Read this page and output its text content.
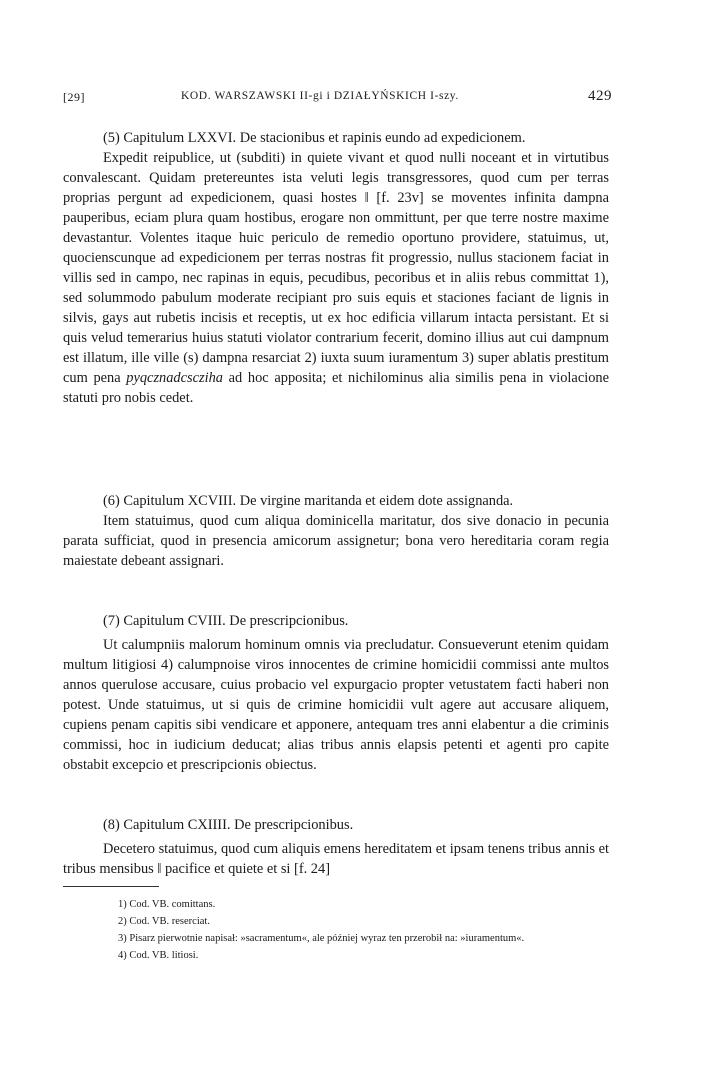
[29]	KOD. WARSZAWSKI II-gi i DZIAŁYŃSKICH I-szy.	429

(5) Capitulum LXXVI. De stacionibus et rapinis eundo ad expedicionem.

Expedit reipublice, ut (subditi) in quiete vivant et quod nulli noceant et in virtutibus convalescant. Quidam pretereuntes ista veluti legis transgressores, quod cum per terras proprias pergunt ad expedicionem, quasi hostes ‖ [f. 23v] se moventes infinita dampna pauperibus, eciam plura quam hostibus, erogare non ommittunt, per que terre nostre maxime devastantur. Volentes itaque huic periculo de remedio oportuno providere, statuimus, ut, quocienscunque ad expedicionem per terras nostras fit progressio, nullus stacionem faciat in villis sed in campo, nec rapinas in equis, pecudibus, pecoribus et in aliis rebus committat 1), sed solummodo pabulum moderate recipiant pro suis equis et staciones faciant de lignis in silvis, gays aut rubetis incisis et receptis, ut ex hoc edificia villarum intacta persistant. Et si quis velud temerarius huius statuti violator contrarium fecerit, domino illius aut cui dampnum est illatum, ille ville (s) dampna resarciat 2) iuxta suum iuramentum 3) super ablatis prestitum cum pena pyqcznadcscziha ad hoc apposita; et nichilominus alia similis pena in violacione statuti pro nobis cedet.

(6) Capitulum XCVIII. De virgine maritanda et eidem dote assignanda.

Item statuimus, quod cum aliqua dominicella maritatur, dos sive donacio in pecunia parata sufficiat, quod in presencia amicorum assignetur; bona vero hereditaria coram regia maiestate debeant assignari.

(7) Capitulum CVIII. De prescripcionibus.

Ut calumpniis malorum hominum omnis via precludatur. Consueverunt etenim quidam multum litigiosi 4) calumpnoise viros innocentes de crimine homicidii commissi ante multos annos querulose accusare, cuius probacio vel expurgacio propter vetustatem facti haberi non potest. Unde statuimus, ut si quis de crimine homicidii vult agere aut accusare aliquem, cupiens penam capitis sibi vendicare et apponere, antequam tres anni elabentur a die criminis commissi, hoc in iudicium deducat; alias tribus annis elapsis petenti et agenti pro capite obstabit excepcio et prescripcionis obiectus.

(8) Capitulum CXIIII. De prescripcionibus.

Decetero statuimus, quod cum aliquis emens hereditatem et ipsam tenens tribus annis et tribus mensibus ‖ pacifice et quiete et si [f. 24]

1) Cod. VB. comittans.

2) Cod. VB. reserciat.

3) Pisarz pierwotnie napisał: »sacramentum«, ale później wyraz ten przerobił na: »iuramentum«.

4) Cod. VB. litiosi.
